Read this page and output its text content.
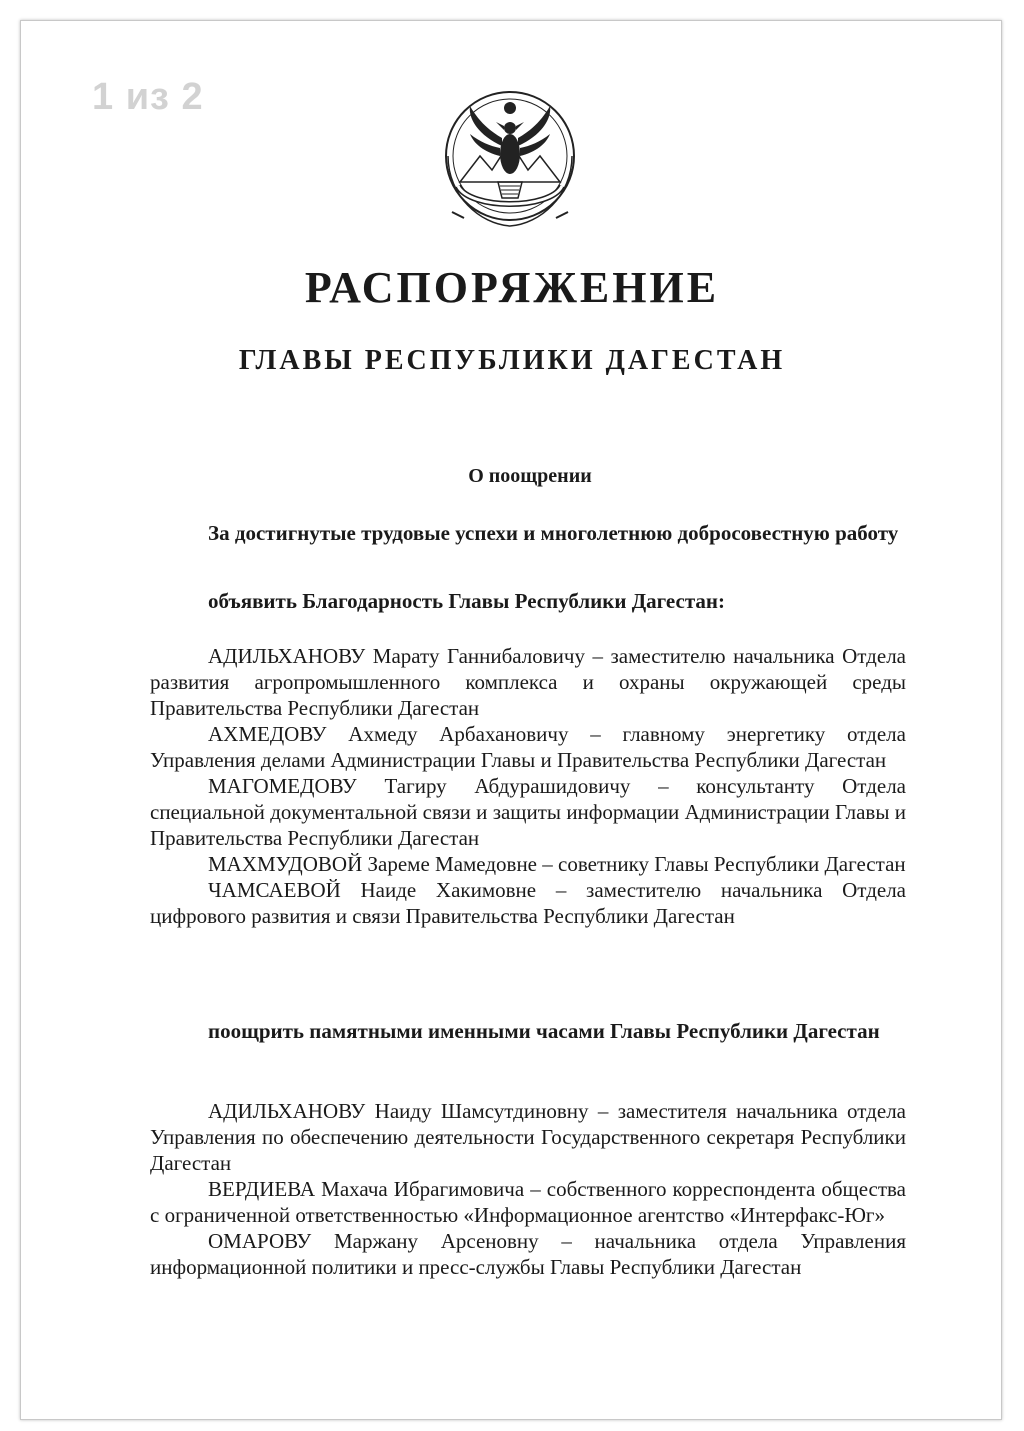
1 из 2
РАСПОРЯЖЕНИЕ
ГЛАВЫ РЕСПУБЛИКИ ДАГЕСТАН
О поощрении

За достигнутые трудовые успехи и многолетнюю добросовестную работу

объявить Благодарность Главы Республики Дагестан:

АДИЛЬХАНОВУ Марату Ганнибаловичу – заместителю начальника Отдела развития агропромышленного комплекса и охраны окружающей среды Правительства Республики Дагестан

АХМЕДОВУ Ахмеду Арбахановичу – главному энергетику отдела Управления делами Администрации Главы и Правительства Республики Дагестан

МАГОМЕДОВУ Тагиру Абдурашидовичу – консультанту Отдела специальной документальной связи и защиты информации Администрации Главы и Правительства Республики Дагестан

МАХМУДОВОЙ Зареме Мамедовне – советнику Главы Республики Дагестан

ЧАМСАЕВОЙ Наиде Хакимовне – заместителю начальника Отдела цифрового развития и связи Правительства Республики Дагестан

поощрить памятными именными часами Главы Республики Дагестан

АДИЛЬХАНОВУ Наиду Шамсутдиновну – заместителя начальника отдела Управления по обеспечению деятельности Государственного секретаря Республики Дагестан

ВЕРДИЕВА Махача Ибрагимовича – собственного корреспондента общества с ограниченной ответственностью «Информационное агентство «Интерфакс-Юг»

ОМАРОВУ Маржану Арсеновну – начальника отдела Управления информационной политики и пресс-службы Главы Республики Дагестан
